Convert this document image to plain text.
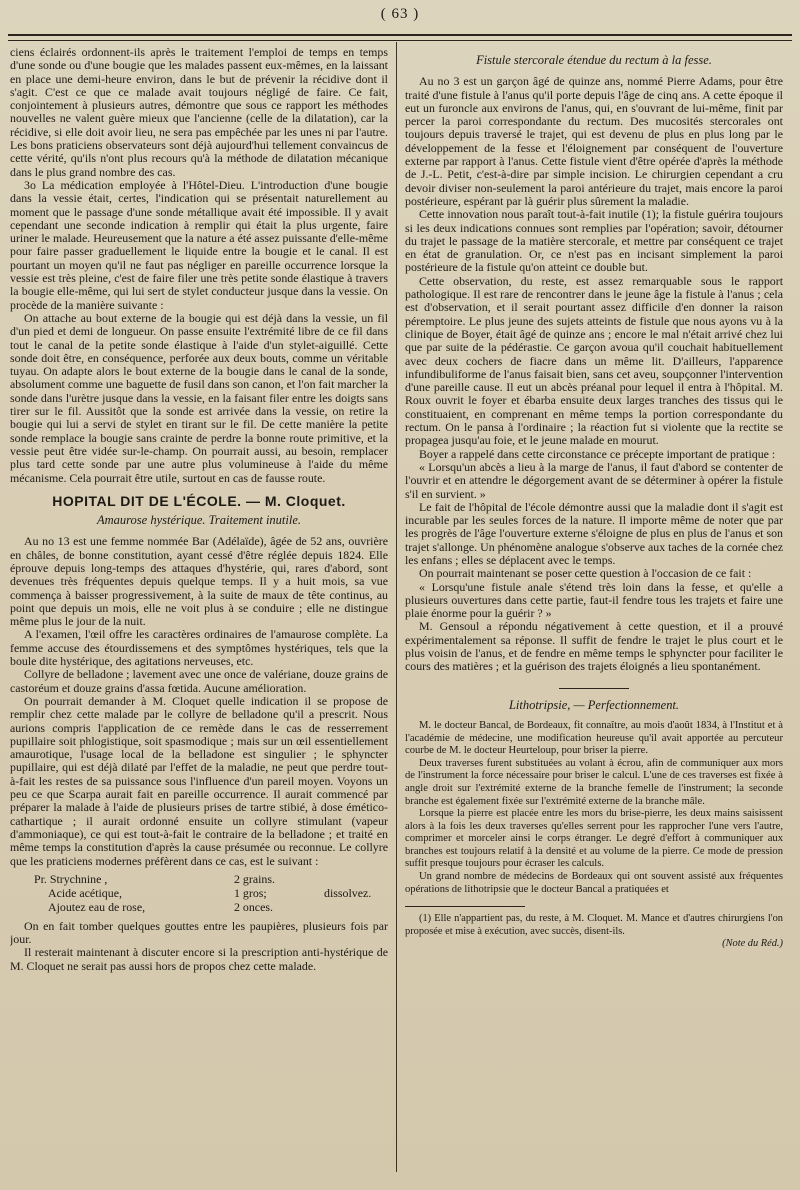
( 63 )

ciens éclairés ordonnent-ils après le traitement l'emploi de temps en temps d'une sonde ou d'une bougie que les malades passent eux-mêmes, en la laissant en place une demi-heure environ, dans le but de prévenir la récidive dont il s'agit. C'est ce que ce malade avait toujours négligé de faire. Ce fait, conjointement à plusieurs autres, démontre que sous ce rapport les méthodes nouvelles ne valent guère mieux que l'ancienne (celle de la dilatation), car la récidive, si elle doit avoir lieu, ne sera pas empêchée par les unes ni par l'autre. Les bons praticiens observateurs sont déjà aujourd'hui tellement convaincus de cette vérité, qu'ils n'ont plus recours qu'à la méthode de dilatation mécanique dans le plus grand nombre des cas.

3o La médication employée à l'Hôtel-Dieu. L'introduction d'une bougie dans la vessie était, certes, l'indication qui se présentait naturellement au moment que le passage d'une sonde métallique avait été impossible. Il y avait cependant une seconde indication à remplir qui était la plus urgente, faire uriner le malade. Heureusement que la nature a été assez puissante d'elle-même pour faire passer graduellement le liquide entre la bougie et le canal. Il est pourtant un moyen qu'il ne faut pas négliger en pareille occurrence lorsque la vessie est très pleine, c'est de faire filer une très petite sonde élastique à travers la bougie elle-même, qui lui sert de stylet conducteur jusque dans la vessie. On procède de la manière suivante :

On attache au bout externe de la bougie qui est déjà dans la vessie, un fil d'un pied et demi de longueur. On passe ensuite l'extrémité libre de ce fil dans tout le canal de la petite sonde élastique à l'aide d'un stylet-aiguillé. Cette sonde doit être, en conséquence, perforée aux deux bouts, comme un véritable tuyau. On adapte alors le bout externe de la bougie dans le canal de la sonde, absolument comme une baguette de fusil dans son canon, et l'on fait marcher la sonde dans l'urètre jusque dans la vessie, en la faisant filer entre les doigts sans tirer sur le fil. Aussitôt que la sonde est arrivée dans la vessie, on retire la bougie qui lui a servi de stylet en tirant sur le fil. De cette manière la petite sonde remplace la bougie sans crainte de perdre la bonne route primitive, et la vessie peut être vidée sur-le-champ. On pourrait aussi, au besoin, remplacer plus tard cette sonde par une autre plus volumineuse à l'aide du même mécanisme. Cela pourrait être utile, surtout en cas de fausse route.

HOPITAL DIT DE L'ÉCOLE. — M. Cloquet.
Amaurose hystérique. Traitement inutile.

Au no 13 est une femme nommée Bar (Adélaïde), âgée de 52 ans, ouvrière en châles, de bonne constitution, ayant cessé d'être réglée depuis 1824. Elle éprouve depuis long-temps des attaques d'hystérie, qui, rares d'abord, sont devenues très fréquentes depuis quelque temps. Il y a huit mois, sa vue commença à baisser progressivement, à la suite de maux de tête continus, au point que depuis un mois, elle ne voit plus à se conduire ; elle ne distingue même plus le jour de la nuit.

A l'examen, l'œil offre les caractères ordinaires de l'amaurose complète. La femme accuse des étourdissemens et des symptômes hystériques, tels que la boule dite hystérique, des agitations nerveuses, etc.

Collyre de belladone ; lavement avec une once de valériane, douze grains de castoréum et douze grains d'assa fœtida. Aucune amélioration.

On pourrait demander à M. Cloquet quelle indication il se propose de remplir chez cette malade par le collyre de belladone qu'il a prescrit. Nous aurions compris l'application de ce remède dans le cas de resserrement pupillaire soit phlogistique, soit spasmodique ; mais sur un œil essentiellement amaurotique, l'usage local de la belladone est singulier ; le sphyncter pupillaire, qui est déjà dilaté par l'effet de la maladie, ne peut que perdre tout-à-fait les restes de sa puissance sous l'influence d'un pareil moyen. Voyons un peu ce que Scarpa aurait fait en pareille occurrence. Il aurait commencé par préparer la malade à l'aide de plusieurs prises de tartre stibié, à dose émético-cathartique ; il aurait ordonné ensuite un collyre stimulant (vapeur d'ammoniaque), ce qui est tout-à-fait le contraire de la belladone ; et traité en même temps la constitution d'après la cause présumée ou reconnue. Le collyre que les praticiens modernes préfèrent dans ce cas, est le suivant :

Pr. Strychnine ,	2 grains.
Acide acétique,	1 gros;	dissolvez.
Ajoutez eau de rose,	2 onces.

On en fait tomber quelques gouttes entre les paupières, plusieurs fois par jour.

Il resterait maintenant à discuter encore si la prescription anti-hystérique de M. Cloquet ne serait pas aussi hors de propos chez cette malade.

Fistule stercorale étendue du rectum à la fesse.

Au no 3 est un garçon âgé de quinze ans, nommé Pierre Adams, pour être traité d'une fistule à l'anus qu'il porte depuis l'âge de cinq ans. A cette époque il eut un furoncle aux environs de l'anus, qui, en s'ouvrant de lui-même, finit par percer la paroi correspondante du rectum. Des mucosités stercorales ont toujours depuis traversé le trajet, qui est devenu de plus en plus long par le développement de la fesse et l'éloignement par conséquent de l'ouverture externe par rapport à l'anus. Cette fistule vient d'être opérée d'après la méthode de J.-L. Petit, c'est-à-dire par simple incision. Le chirurgien cependant a cru devoir diviser non-seulement la paroi antérieure du trajet, mais encore la paroi postérieure, espérant par là guérir plus sûrement la maladie.

Cette innovation nous paraît tout-à-fait inutile (1); la fistule guérira toujours si les deux indications connues sont remplies par l'opération; savoir, détourner du trajet le passage de la matière stercorale, et mettre par conséquent ce trajet en état de granulation. Or, ce n'est pas en incisant simplement la paroi postérieure de la fistule qu'on atteint ce double but.

Cette observation, du reste, est assez remarquable sous le rapport pathologique. Il est rare de rencontrer dans le jeune âge la fistule à l'anus ; cela est d'observation, et il serait pourtant assez difficile d'en donner la raison péremptoire. Le plus jeune des sujets atteints de fistule que nous ayons vu à la clinique de Boyer, était âgé de quinze ans ; encore le mal n'était arrivé chez lui que par suite de la pédérastie. Ce garçon avoua qu'il couchait habituellement avec deux cochers de fiacre dans un même lit. D'ailleurs, l'apparence infundibuliforme de l'anus faisait bien, sans cet aveu, soupçonner l'intervention d'une pareille cause. Il eut un abcès préanal pour lequel il entra à l'hôpital. M. Roux ouvrit le foyer et ébarba ensuite deux larges tranches des tissus qui le constituaient, en comprenant en même temps la portion correspondante du rectum. On le pansa à l'ordinaire ; la réaction fut si violente que la rectite se propagea jusqu'au foie, et le jeune malade en mourut.

Boyer a rappelé dans cette circonstance ce précepte important de pratique :

« Lorsqu'un abcès a lieu à la marge de l'anus, il faut d'abord se contenter de l'ouvrir et en attendre le dégorgement avant de se déterminer à opérer la fistule s'il en survient. »

Le fait de l'hôpital de l'école démontre aussi que la maladie dont il s'agit est incurable par les seules forces de la nature. Il importe même de noter que par les progrès de l'âge l'ouverture externe s'éloigne de plus en plus de l'anus et son trajet s'allonge. Un phénomène analogue s'observe aux taches de la cornée chez les enfans ; elles se déplacent avec le temps.

On pourrait maintenant se poser cette question à l'occasion de ce fait :

« Lorsqu'une fistule anale s'étend très loin dans la fesse, et qu'elle a plusieurs ouvertures dans cette partie, faut-il fendre tous les trajets et faire une plaie énorme pour la guérir ? »

M. Gensoul a répondu négativement à cette question, et il a prouvé expérimentalement sa réponse. Il suffit de fendre le trajet le plus court et le plus voisin de l'anus, et de fendre en même temps le sphyncter pour faciliter le cours des matières ; et la guérison des trajets éloignés a lieu spontanément.

Lithotripsie, — Perfectionnement.

M. le docteur Bancal, de Bordeaux, fit connaître, au mois d'août 1834, à l'Institut et à l'académie de médecine, une modification heureuse qu'il avait apportée au percuteur courbe de M. le docteur Heurteloup, pour briser la pierre.

Deux traverses furent substituées au volant à écrou, afin de communiquer aux mors de l'instrument la force nécessaire pour briser le calcul. L'une de ces traverses est fixée à angle droit sur l'extrémité externe de la branche femelle de l'instrument; la seconde branche est également fixée sur l'extrémité externe de la branche mâle.

Lorsque la pierre est placée entre les mors du brise-pierre, les deux mains saisissent alors à la fois les deux traverses qu'elles serrent pour les rapprocher l'une vers l'autre, comprimer et morceler ainsi le corps étranger. Le degré d'effort à communiquer aux branches est toujours relatif à la densité et au volume de la pierre. Ce mode de pression suffit presque toujours pour écraser les calculs.

Un grand nombre de médecins de Bordeaux qui ont souvent assisté aux fréquentes opérations de lithotripsie que le docteur Bancal a pratiquées et

(1) Elle n'appartient pas, du reste, à M. Cloquet. M. Mance et d'autres chirurgiens l'on proposée et mise à exécution, avec succès, disent-ils.

(Note du Réd.)
